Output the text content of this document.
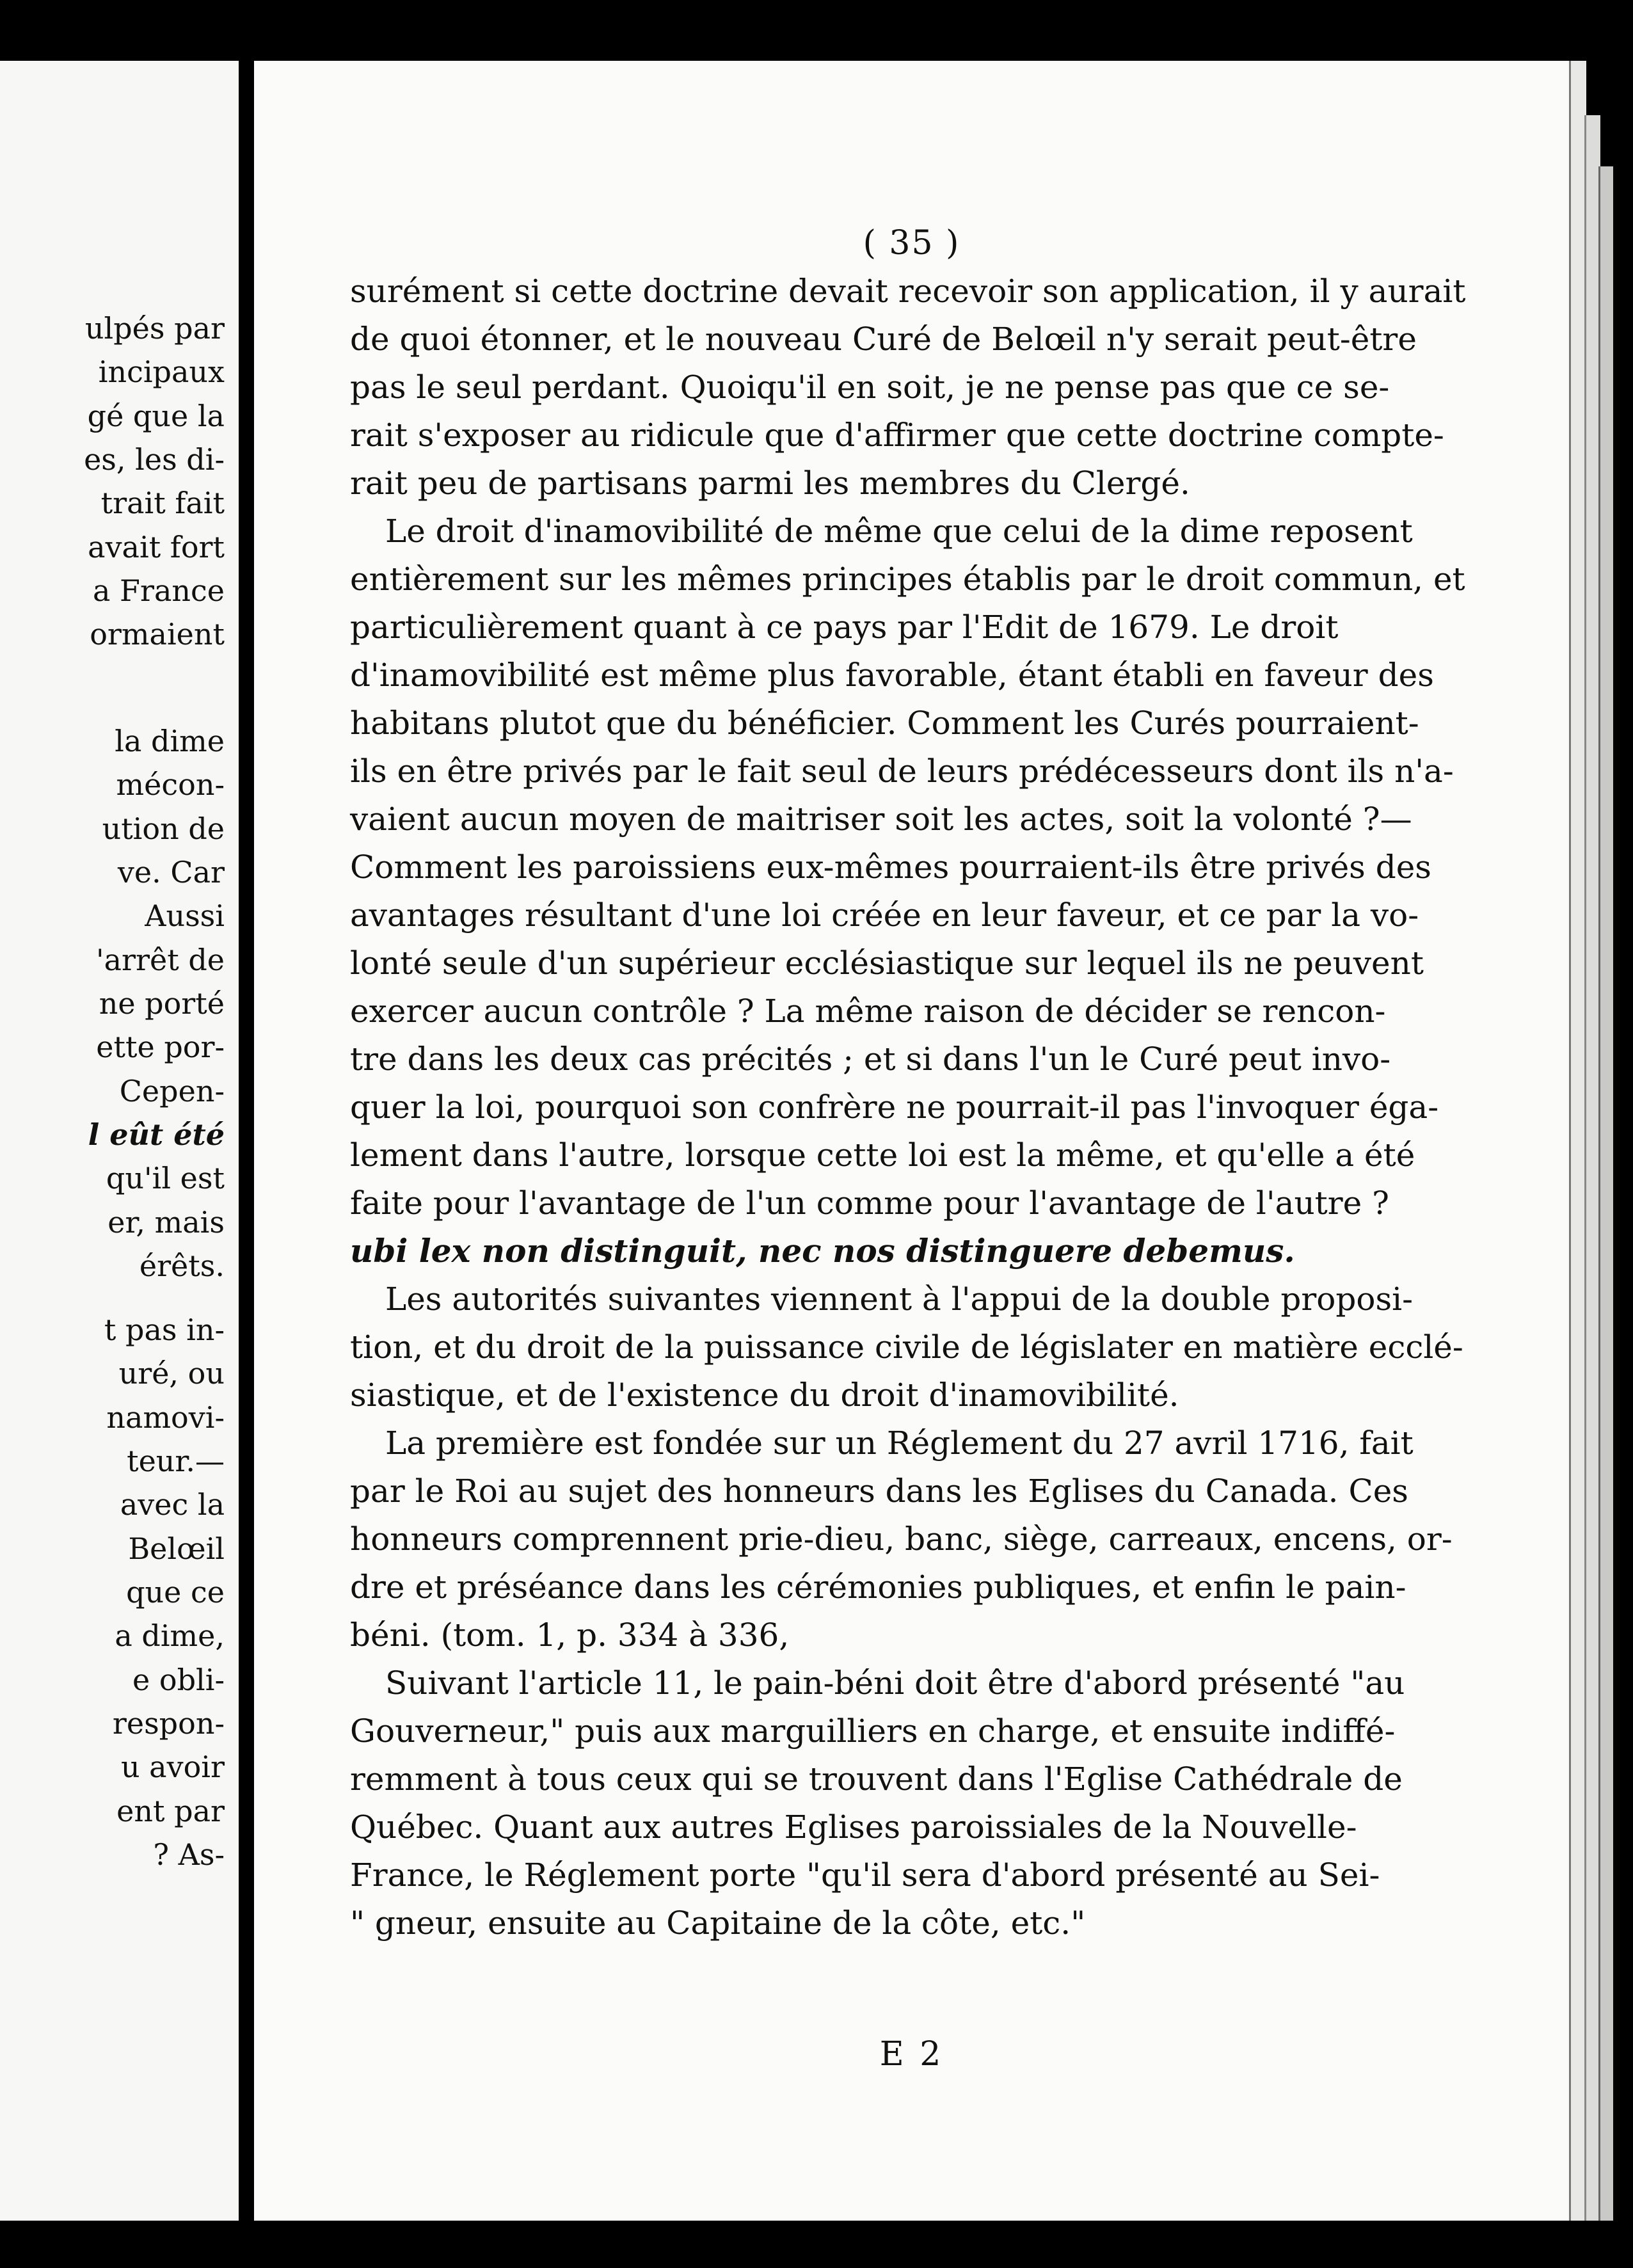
ulpés par
incipaux
gé que la
es, les di-
trait fait
avait fort
a France
ormaient
la dime
mécon-
ution de
ve. Car
Aussi
'arrêt de
ne porté
ette por-
Cepen-
l eût été
qu'il est
er, mais
érêts.
t pas in-
uré, ou
namovi-
teur.—
avec la
Belœil
que ce
a dime,
e obli-
respon-
u avoir
ent par
? As-
( 35 )
surément si cette doctrine devait recevoir son application, il y aurait
de quoi étonner, et le nouveau Curé de Belœil n'y serait peut-être
pas le seul perdant. Quoiqu'il en soit, je ne pense pas que ce se-
rait s'exposer au ridicule que d'affirmer que cette doctrine compte-
rait peu de partisans parmi les membres du Clergé.
Le droit d'inamovibilité de même que celui de la dime reposent
entièrement sur les mêmes principes établis par le droit commun, et
particulièrement quant à ce pays par l'Edit de 1679. Le droit
d'inamovibilité est même plus favorable, étant établi en faveur des
habitans plutot que du bénéficier. Comment les Curés pourraient-
ils en être privés par le fait seul de leurs prédécesseurs dont ils n'a-
vaient aucun moyen de maitriser soit les actes, soit la volonté ?—
Comment les paroissiens eux-mêmes pourraient-ils être privés des
avantages résultant d'une loi créée en leur faveur, et ce par la vo-
lonté seule d'un supérieur ecclésiastique sur lequel ils ne peuvent
exercer aucun contrôle ? La même raison de décider se rencon-
tre dans les deux cas précités ; et si dans l'un le Curé peut invo-
quer la loi, pourquoi son confrère ne pourrait-il pas l'invoquer éga-
lement dans l'autre, lorsque cette loi est la même, et qu'elle a été
faite pour l'avantage de l'un comme pour l'avantage de l'autre ?
ubi lex non distinguit, nec nos distinguere debemus.
Les autorités suivantes viennent à l'appui de la double proposi-
tion, et du droit de la puissance civile de législater en matière ecclé-
siastique, et de l'existence du droit d'inamovibilité.
La première est fondée sur un Réglement du 27 avril 1716, fait
par le Roi au sujet des honneurs dans les Eglises du Canada. Ces
honneurs comprennent prie-dieu, banc, siège, carreaux, encens, or-
dre et préséance dans les cérémonies publiques, et enfin le pain-
béni. (tom. 1, p. 334 à 336,
Suivant l'article 11, le pain-béni doit être d'abord présenté "au
Gouverneur," puis aux marguilliers en charge, et ensuite indiffé-
remment à tous ceux qui se trouvent dans l'Eglise Cathédrale de
Québec. Quant aux autres Eglises paroissiales de la Nouvelle-
France, le Réglement porte "qu'il sera d'abord présenté au Sei-
" gneur, ensuite au Capitaine de la côte, etc."
E 2
